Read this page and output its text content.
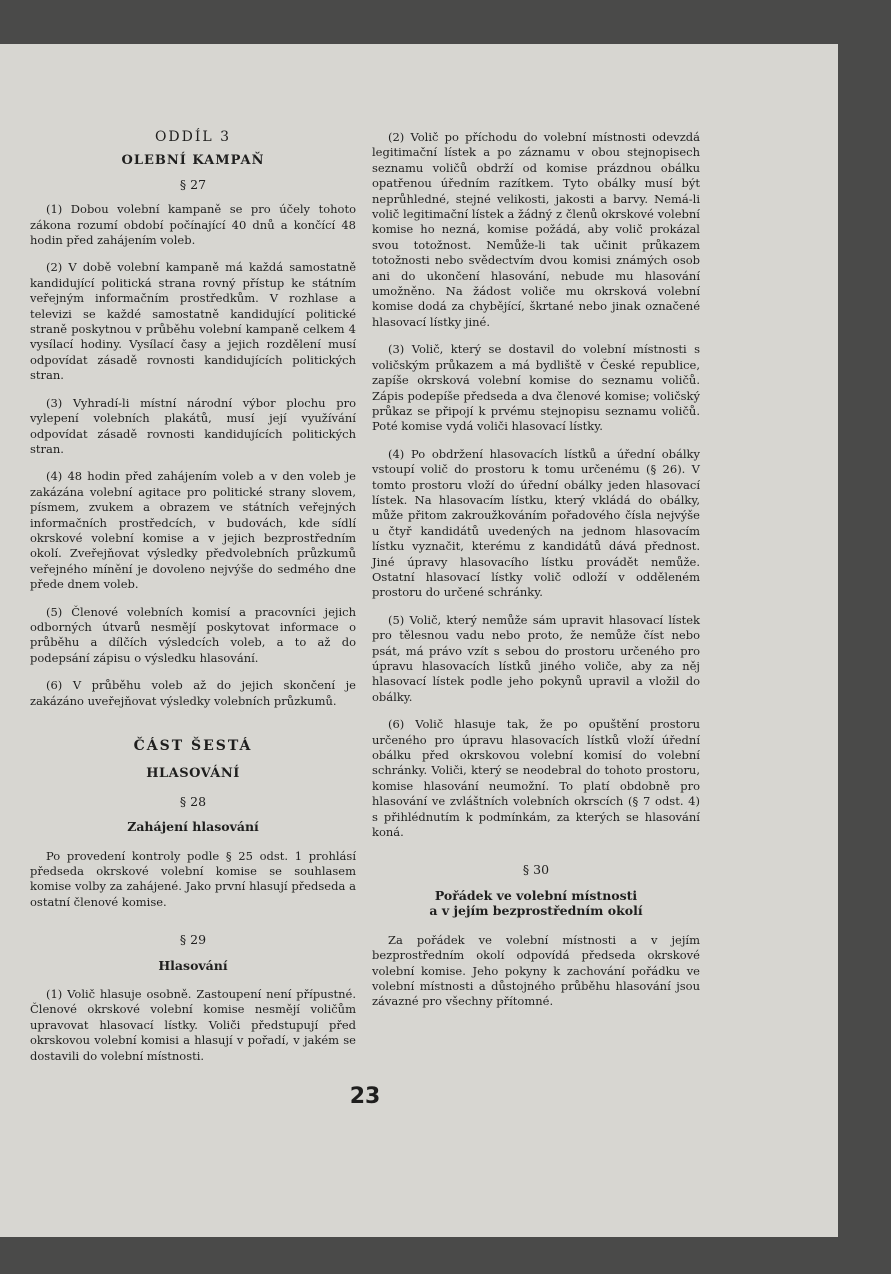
ODDÍL 3
OLEBNÍ KAMPAŇ
§ 27

(1) Dobou volební kampaně se pro účely tohoto zákona rozumí období počínající 40 dnů a končící 48 hodin před zahájením voleb.

(2) V době volební kampaně má každá samostatně kandidující politická strana rovný přístup ke státním veřejným informačním prostředkům. V rozhlase a televizi se každé samostatně kandidující politické straně poskytnou v průběhu volební kampaně celkem 4 vysílací hodiny. Vysílací časy a jejich rozdělení musí odpovídat zásadě rovnosti kandidujících politických stran.

(3) Vyhradí-li místní národní výbor plochu pro vylepení volebních plakátů, musí její využívání odpovídat zásadě rovnosti kandidujících politických stran.

(4) 48 hodin před zahájením voleb a v den voleb je zakázána volební agitace pro politické strany slovem, písmem, zvukem a obrazem ve státních veřejných informačních prostředcích, v budovách, kde sídlí okrskové volební komise a v jejich bezprostředním okolí. Zveřejňovat výsledky předvolebních průzkumů veřejného mínění je dovoleno nejvýše do sedmého dne přede dnem voleb.

(5) Členové volebních komisí a pracovníci jejich odborných útvarů nesmějí poskytovat informace o průběhu a dílčích výsledcích voleb, a to až do podepsání zápisu o výsledku hlasování.

(6) V průběhu voleb až do jejich skončení je zakázáno uveřejňovat výsledky volebních průzkumů.

ČÁST ŠESTÁ
HLASOVÁNÍ
§ 28
Zahájení hlasování

Po provedení kontroly podle § 25 odst. 1 prohlásí předseda okrskové volební komise se souhlasem komise volby za zahájené. Jako první hlasují předseda a ostatní členové komise.

§ 29
Hlasování

(1) Volič hlasuje osobně. Zastoupení není přípustné. Členové okrskové volební komise nesmějí voličům upravovat hlasovací lístky. Voliči předstupují před okrskovou volební komisi a hlasují v pořadí, v jakém se dostavili do volební místnosti.

(2) Volič po příchodu do volební místnosti odevzdá legitimační lístek a po záznamu v obou stejnopisech seznamu voličů obdrží od komise prázdnou obálku opatřenou úředním razítkem. Tyto obálky musí být neprůhledné, stejné velikosti, jakosti a barvy. Nemá-li volič legitimační lístek a žádný z členů okrskové volební komise ho nezná, komise požádá, aby volič prokázal svou totožnost. Nemůže-li tak učinit průkazem totožnosti nebo svědectvím dvou komisi známých osob ani do ukončení hlasování, nebude mu hlasování umožněno. Na žádost voliče mu okrsková volební komise dodá za chybějící, škrtané nebo jinak označené hlasovací lístky jiné.

(3) Volič, který se dostavil do volební místnosti s voličským průkazem a má bydliště v České republice, zapíše okrsková volební komise do seznamu voličů. Zápis podepíše předseda a dva členové komise; voličský průkaz se připojí k prvému stejnopisu seznamu voličů. Poté komise vydá voliči hlasovací lístky.

(4) Po obdržení hlasovacích lístků a úřední obálky vstoupí volič do prostoru k tomu určenému (§ 26). V tomto prostoru vloží do úřední obálky jeden hlasovací lístek. Na hlasovacím lístku, který vkládá do obálky, může přitom zakroužkováním pořadového čísla nejvýše u čtyř kandidátů uvedených na jednom hlasovacím lístku vyznačit, kterému z kandidátů dává přednost. Jiné úpravy hlasovacího lístku provádět nemůže. Ostatní hlasovací lístky volič odloží v odděleném prostoru do určené schránky.

(5) Volič, který nemůže sám upravit hlasovací lístek pro tělesnou vadu nebo proto, že nemůže číst nebo psát, má právo vzít s sebou do prostoru určeného pro úpravu hlasovacích lístků jiného voliče, aby za něj hlasovací lístek podle jeho pokynů upravil a vložil do obálky.

(6) Volič hlasuje tak, že po opuštění prostoru určeného pro úpravu hlasovacích lístků vloží úřední obálku před okrskovou volební komisí do volební schránky. Voliči, který se neodebral do tohoto prostoru, komise hlasování neumožní. To platí obdobně pro hlasování ve zvláštních volebních okrscích (§ 7 odst. 4) s přihlédnutím k podmínkám, za kterých se hlasování koná.

§ 30
Pořádek ve volební místnosti
a v jejím bezprostředním okolí

Za pořádek ve volební místnosti a v jejím bezprostředním okolí odpovídá předseda okrskové volební komise. Jeho pokyny k zachování pořádku ve volební místnosti a důstojného průběhu hlasování jsou závazné pro všechny přítomné.

23
